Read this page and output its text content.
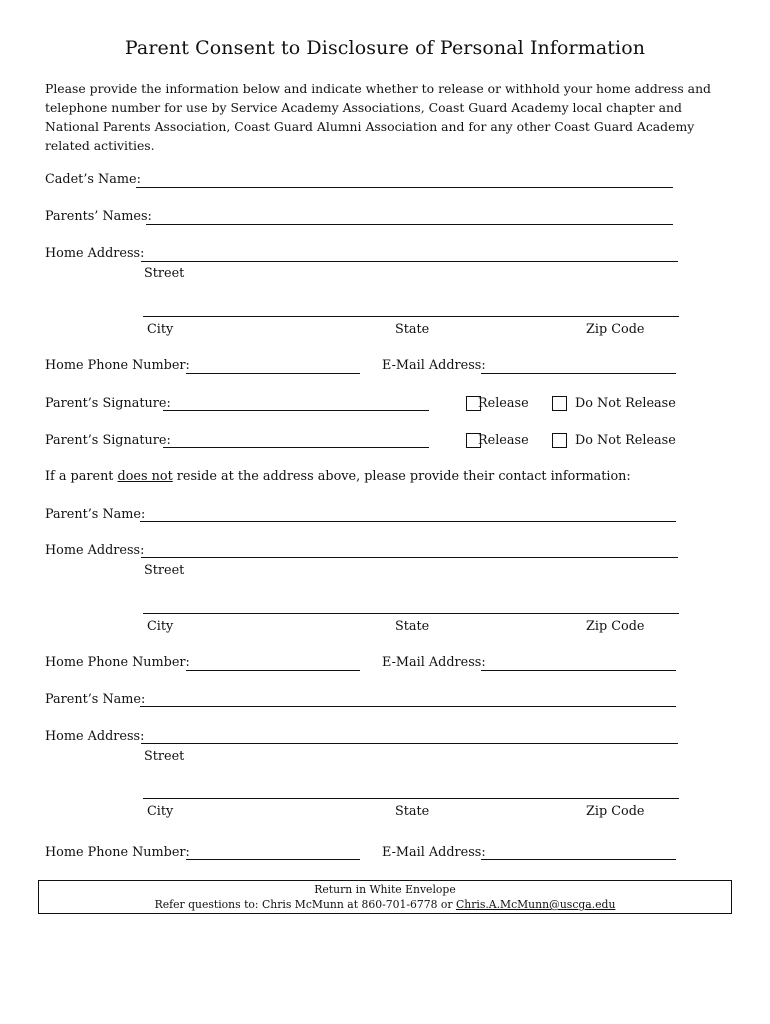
Parent Consent to Disclosure of Personal Information
Please provide the information below and indicate whether to release or withhold your home address and telephone number for use by Service Academy Associations, Coast Guard Academy local chapter and National Parents Association, Coast Guard Alumni Association and for any other Coast Guard Academy related activities.
Cadet’s Name:
Parents’ Names:
Home Address:
Street
City	State	Zip Code
Home Phone Number:	E-Mail Address:
Parent’s Signature:	Release	Do Not Release
Parent’s Signature:	Release	Do Not Release
If a parent does not reside at the address above, please provide their contact information:
Parent’s Name:
Home Address:
Street
City	State	Zip Code
Home Phone Number:	E-Mail Address:
Parent’s Name:
Home Address:
Street
City	State	Zip Code
Home Phone Number:	E-Mail Address:
Return in White Envelope
Refer questions to: Chris McMunn at 860-701-6778 or Chris.A.McMunn@uscga.edu
